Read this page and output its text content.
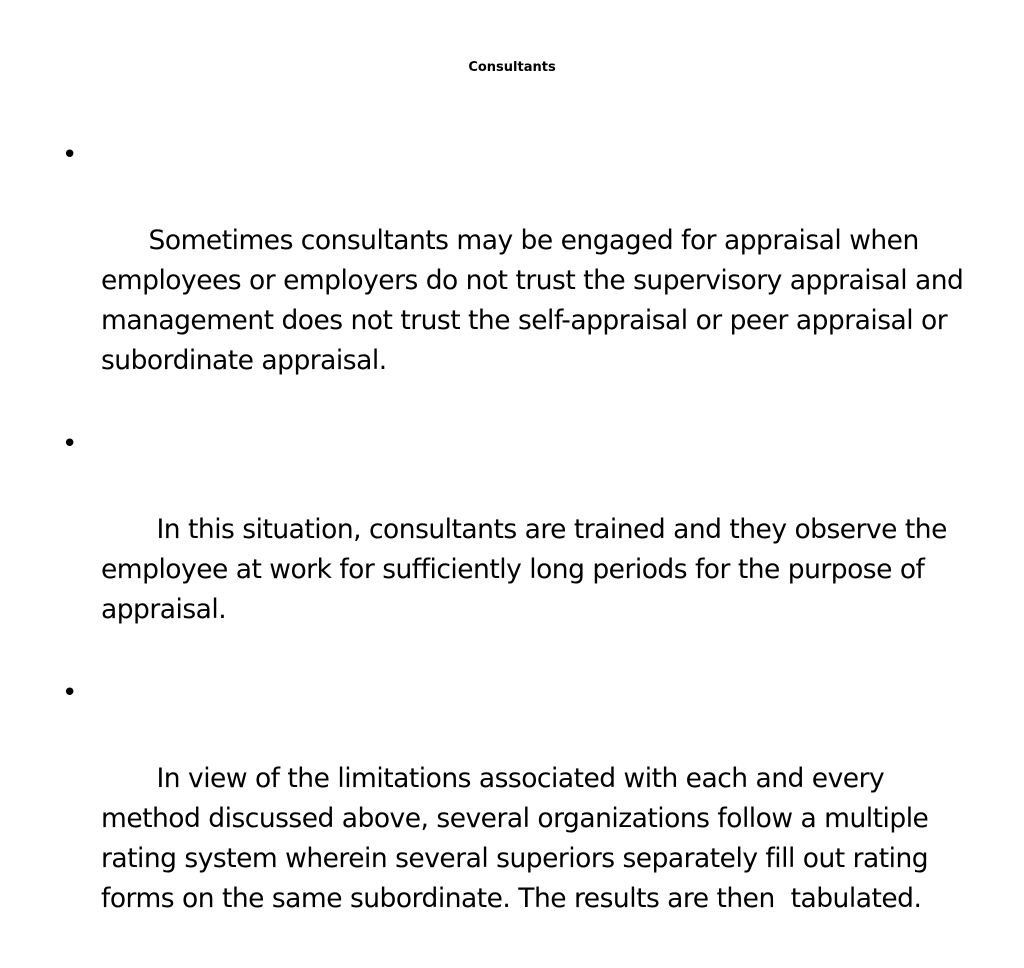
Consultants

•

Sometimes consultants may be engaged for appraisal when employees or employers do not trust the supervisory appraisal and management does not trust the self-appraisal or peer appraisal or subordinate appraisal.

•

In this situation, consultants are trained and they observe the employee at work for sufficiently long periods for the purpose of appraisal.

•

In view of the limitations associated with each and every method discussed above, several organizations follow a multiple rating system wherein several superiors separately fill out rating forms on the same subordinate. The results are then  tabulated.
